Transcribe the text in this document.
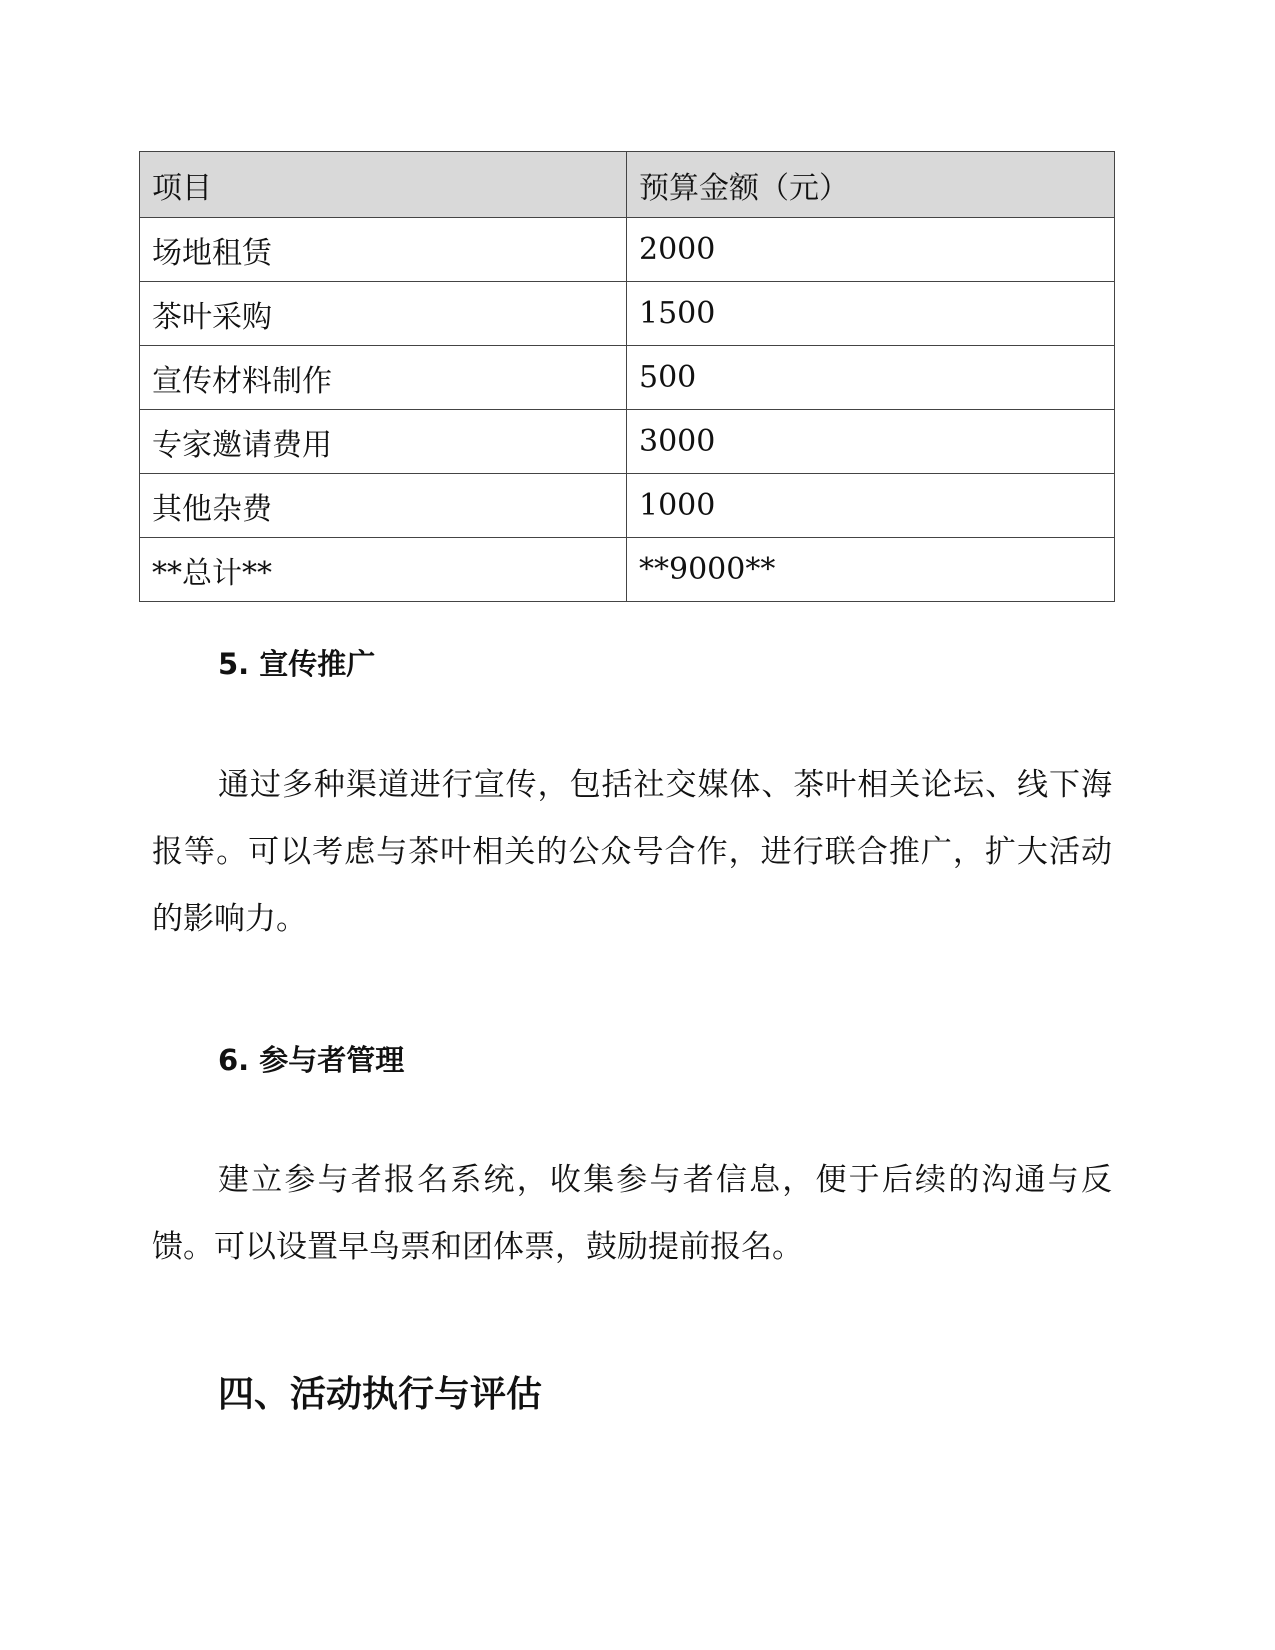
项目	预算金额（元）
场地租赁	2000
茶叶采购	1500
宣传材料制作	500
专家邀请费用	3000
其他杂费	1000
**总计**	**9000**
5. 宣传推广

通过多种渠道进行宣传，包括社交媒体、茶叶相关论坛、线下海报等。可以考虑与茶叶相关的公众号合作，进行联合推广，扩大活动的影响力。

6. 参与者管理

建立参与者报名系统，收集参与者信息，便于后续的沟通与反馈。可以设置早鸟票和团体票，鼓励提前报名。

四、活动执行与评估
